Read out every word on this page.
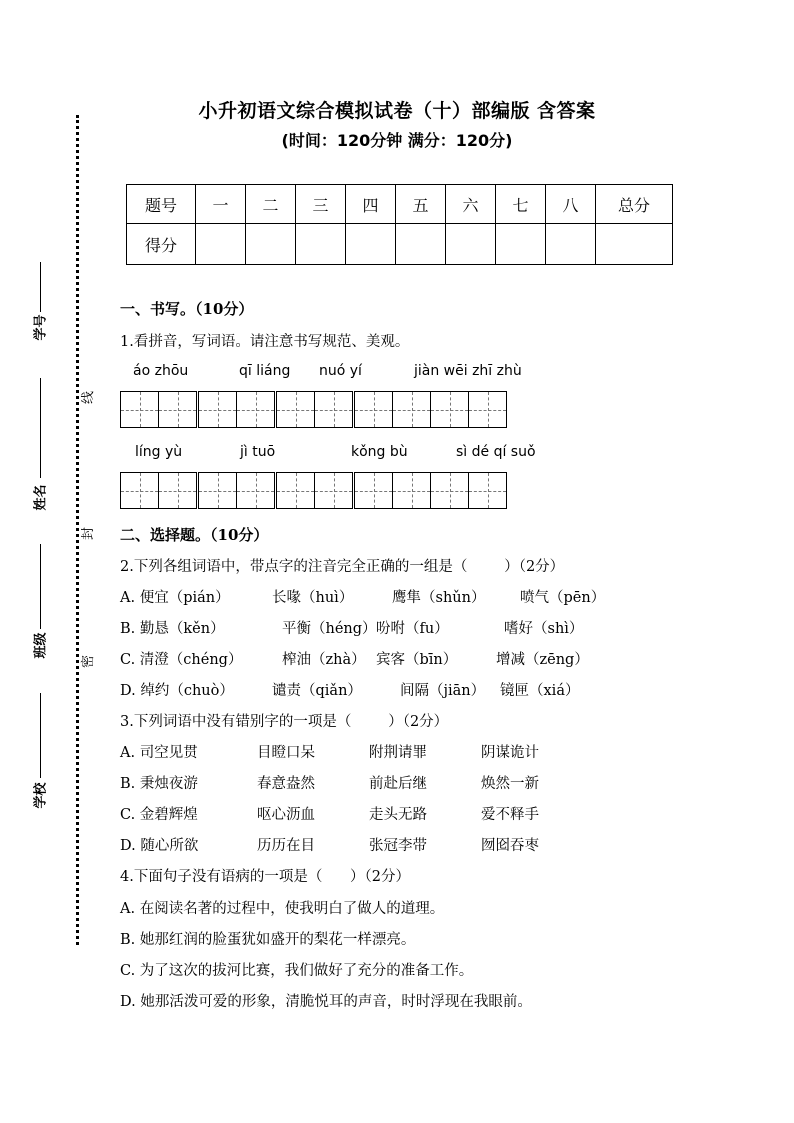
学号
姓名
班级
学校
线
封
密
小升初语文综合模拟试卷（十）部编版 含答案
(时间：120分钟 满分：120分)
题号	一	二	三	四	五	六	七	八	总分
得分									
一、书写。（10分）
1.看拼音，写词语。请注意书写规范、美观。
áo zhōu	qī liáng nuó yí	jiàn wēi zhī zhù
líng yù	jì tuō	kǒng bù	sì dé qí suǒ
二、选择题。（10分）
2.下列各组词语中，带点字的注音完全正确的一组是（        ）（2分）
A. 便宜（pián）	长喙（huì）	鹰隼（shǔn） 喷气（pēn）
B. 勤恳（kěn）	平衡（héng） 吩咐（fu）	嗜好（shì）
C. 清澄（chéng）	榨油（zhà） 宾客（bīn）	增减（zēng）
D. 绰约（chuò）	谴责（qiǎn）	间隔（jiān） 镜匣（xiá）
3.下列词语中没有错别字的一项是（        ）（2分）
A. 司空见贯	目瞪口呆	附荆请罪	阴谋诡计
B. 秉烛夜游	春意盎然	前赴后继	焕然一新
C. 金碧辉煌	呕心沥血	走头无路	爱不释手
D. 随心所欲	历历在目	张冠李带	囫囵吞枣
4.下面句子没有语病的一项是（      ）（2分）
A. 在阅读名著的过程中，使我明白了做人的道理。
B. 她那红润的脸蛋犹如盛开的梨花一样漂亮。
C. 为了这次的拔河比赛，我们做好了充分的准备工作。
D. 她那活泼可爱的形象，清脆悦耳的声音，时时浮现在我眼前。
